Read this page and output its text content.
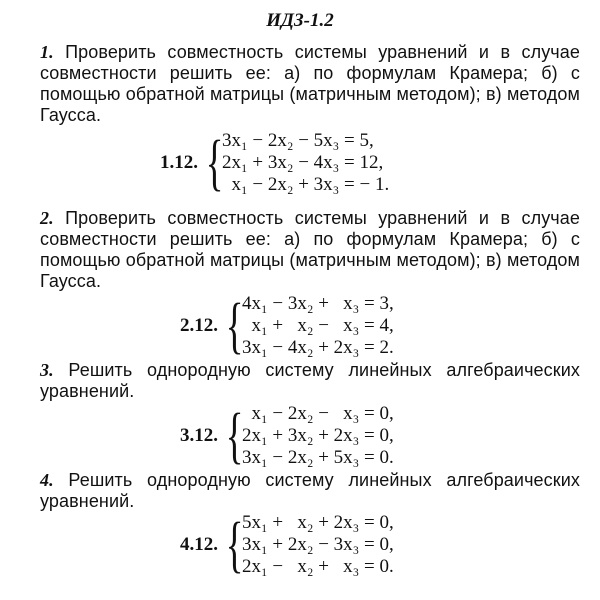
ИДЗ-1.2

1. Проверить совместность системы уравнений и в случае совместности решить ее: а) по формулам Крамера; б) с помощью обратной матрицы (матричным методом); в) методом Гаусса.

1.12. {
3x₁ − 2x₂ − 5x₃ = 5,
2x₁ + 3x₂ − 4x₃ = 12,
x₁ − 2x₂ + 3x₃ = − 1.

2. Проверить совместность системы уравнений и в случае совместности решить ее: а) по формулам Крамера; б) с помощью обратной матрицы (матричным методом); в) методом Гаусса.

2.12. {
4x₁ − 3x₂ +   x₃ = 3,
x₁ +   x₂ −   x₃ = 4,
3x₁ − 4x₂ + 2x₃ = 2.

3. Решить однородную систему линейных алгебраических уравнений.

3.12. {
x₁ − 2x₂ −   x₃ = 0,
2x₁ + 3x₂ + 2x₃ = 0,
3x₁ − 2x₂ + 5x₃ = 0.

4. Решить однородную систему линейных алгебраических уравнений.

4.12. {
5x₁ +   x₂ + 2x₃ = 0,
3x₁ + 2x₂ − 3x₃ = 0,
2x₁ −   x₂ +   x₃ = 0.
